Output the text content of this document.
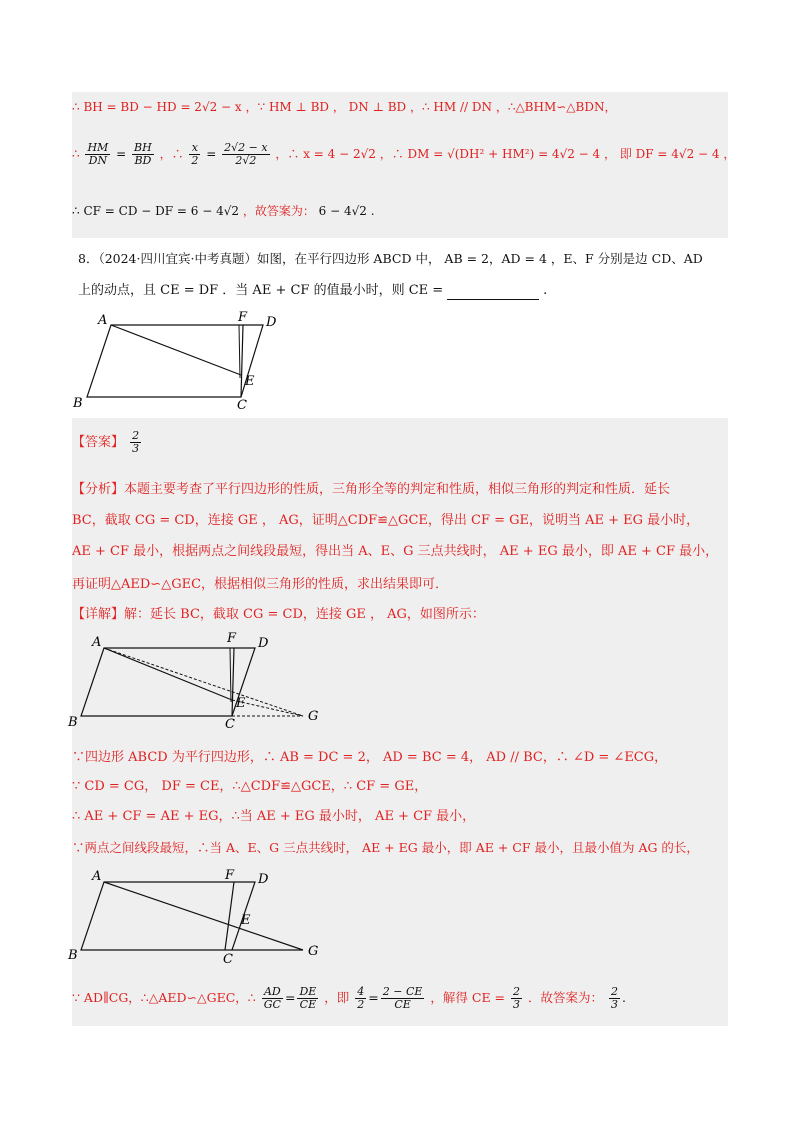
∴ BH = BD − HD = 2√2 − x ，∵ HM ⊥ BD ， DN ⊥ BD ，∴ HM // DN ，∴△BHM∽△BDN，
∴ $\frac{HM}{DN} = \frac{BH}{BD}$ ，∴ $\frac{x}{2} = \frac{2√2 - x}{2√2}$ ，∴ x = 4 − 2√2 ，∴ DM = √(DH² + HM²) = 4√2 − 4 ， 即 DF = 4√2 − 4 ，
∴ CF = CD − DF = 6 − 4√2 ，故答案为： 6 − 4√2 .
8．（2024·四川宜宾·中考真题）如图，在平行四边形 ABCD 中， AB = 2，AD = 4 ，E、F 分别是边 CD、AD
上的动点，且 CE = DF ．当 AE + CF 的值最小时，则 CE =	.
A	F D
E
B	C
【答案】 $\frac{2}{3}$
【分析】本题主要考查了平行四边形的性质，三角形全等的判定和性质，相似三角形的判定和性质．延长
BC，截取 CG = CD，连接 GE ， AG，证明△CDF≌△GCE，得出 CF = GE，说明当 AE + EG 最小时，
AE + CF 最小，根据两点之间线段最短，得出当 A、E、G 三点共线时， AE + EG 最小，即 AE + CF 最小，
再证明△AED∽△GEC，根据相似三角形的性质，求出结果即可．
【详解】解：延长 BC，截取 CG = CD，连接 GE ， AG，如图所示：
A	F D
E
B	C
G
∵四边形 ABCD 为平行四边形，∴ AB = DC = 2， AD = BC = 4， AD // BC，∴ ∠D = ∠ECG，
∵ CD = CG， DF = CE，∴△CDF≌△GCE，∴ CF = GE，
∴ AE + CF = AE + EG，∴当 AE + EG 最小时， AE + CF 最小，
∵两点之间线段最短，∴当 A、E、G 三点共线时， AE + EG 最小，即 AE + CF 最小，且最小值为 AG 的长，
A	F D
E
B	C
G
∵ AD∥CG，∴△AED∽△GEC，∴ $\frac{AD}{GC} = \frac{DE}{CE}$ ，即 $\frac{4}{2} = \frac{2 - CE}{CE}$ ，解得 CE = $\frac{2}{3}$ ．故答案为： $\frac{2}{3}$ .
